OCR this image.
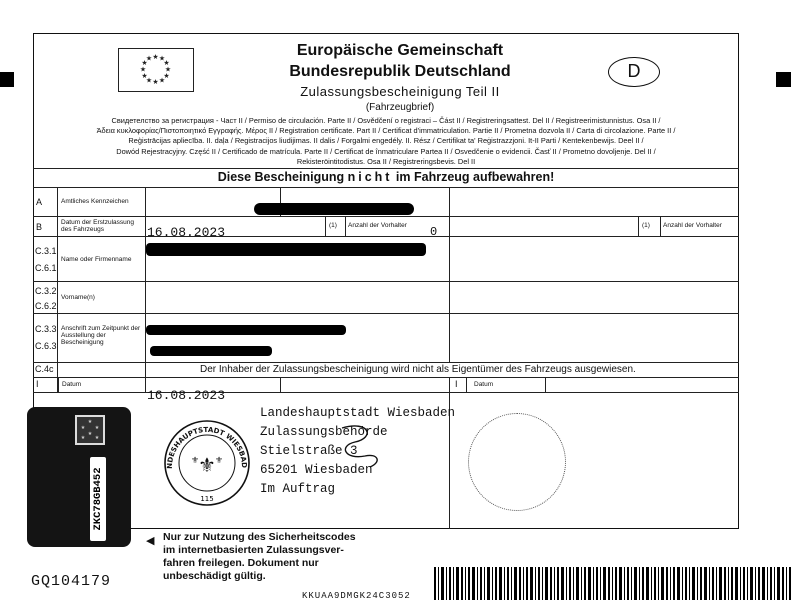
★ ★
★
★
★
★
★
★
★
★
★
★	Europäische Gemeinschaft
Bundesrepublik Deutschland
Zulassungsbescheinigung Teil II
(Fahrzeugbrief)
D
Свидетелство за регистрация - Част II / Permiso de circulación. Parte II / Osvědčení o registraci – Část II / Registreringsattest. Del II / Registreerimistunnistus. Osa II /
Άδεια κυκλοφορίας/Πιστοποιητικό Εγγραφής. Μέρος II / Registration certificate. Part II / Certificat d'immatriculation. Partie II / Prometna dozvola II / Carta di circolazione. Parte II /
Reģistrācijas apliecība. II. daļa / Registracijos liudijimas. II dalis / Forgalmi engedély. II. Rész / Certifikat ta' Reġistrazzjoni. It-II Parti / Kentekenbewijs. Deel II /
Dowód Rejestracyjny. Część II / Certificado de matrícula. Parte II / Certificat de înmatriculare Partea II / Osvedčenie o evidencii. Časť II / Prometno dovoljenje. Del II /
Rekisteröintitodistus. Osa II / Registreringsbevis. Del II
Diese Bescheinigung nicht im Fahrzeug aufbewahren!
A	Amtliches Kennzeichen
B	Datum der Erstzulassung des Fahrzeugs	16.08.2023	(1) Anzahl der Vorhalter 0	(1) Anzahl der Vorhalter
C.3.1
C.6.1
Name oder Firmenname
C.3.2
C.6.2
Vorname(n)
C.3.3
C.6.3
Anschrift zum Zeitpunkt der Ausstellung der Bescheinigung
C.4c	Der Inhaber der Zulassungsbescheinigung wird nicht als Eigentümer des Fahrzeugs ausgewiesen.
I	Datum	I	Datum
16.08.2023
NDESHAUPTSTADT WIESBAD
⚜
⚜ ⚜
115
Landeshauptstadt Wiesbaden
Zulassungsbehörde
Stielstraße 3
65201 Wiesbaden
Im Auftrag
★
★
★
★
★
★
ZKC78GB452
◀ Nur zur Nutzung des Sicherheitscodes
im internetbasierten Zulassungsver-
fahren freilegen. Dokument nur
unbeschädigt gültig.
GQ104179
KKUAA9DMGK24C3052
